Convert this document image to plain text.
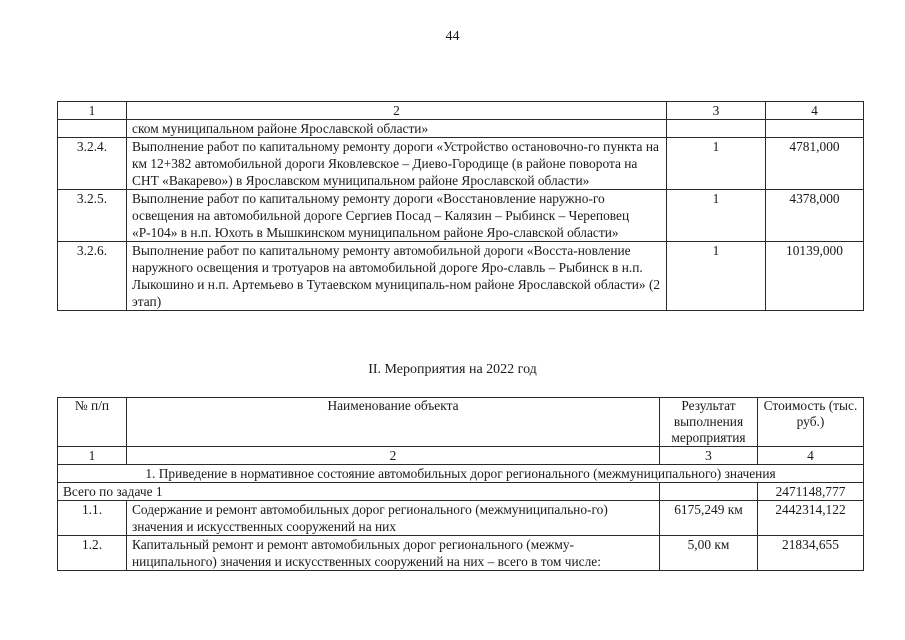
44
1	2	3	4
	ском муниципальном районе Ярославской области»		
3.2.4.	Выполнение работ по капитальному ремонту дороги «Устройство остановочно-го пункта на км 12+382 автомобильной дороги Яковлевское – Диево-Городище (в районе поворота на СНТ «Вакарево») в Ярославском муниципальном районе Ярославской области»	1	4781,000
3.2.5.	Выполнение работ по капитальному ремонту дороги «Восстановление наружно-го освещения на автомобильной дороге Сергиев Посад – Калязин – Рыбинск – Череповец «Р-104» в н.п. Юхоть в Мышкинском муниципальном районе Яро-славской области»	1	4378,000
3.2.6.	Выполнение работ по капитальному ремонту автомобильной дороги «Восста-новление наружного освещения и тротуаров на автомобильной дороге Яро-славль – Рыбинск в н.п. Лыкошино и н.п. Артемьево в Тутаевском муниципаль-ном районе Ярославской области» (2 этап)	1	10139,000
II. Мероприятия на 2022 год
№ п/п	Наименование объекта	Результат выполнения мероприятия	Стоимость (тыс. руб.)
1	2	3	4
1. Приведение в нормативное состояние автомобильных дорог регионального (межмуниципального) значения			
Всего по задаче 1			2471148,777
1.1.	Содержание и ремонт автомобильных дорог регионального (межмуниципально-го) значения и искусственных сооружений на них	6175,249 км	2442314,122
1.2.	Капитальный ремонт и ремонт автомобильных дорог регионального (межму-ниципального) значения и искусственных сооружений на них – всего в том числе:	5,00 км	21834,655
